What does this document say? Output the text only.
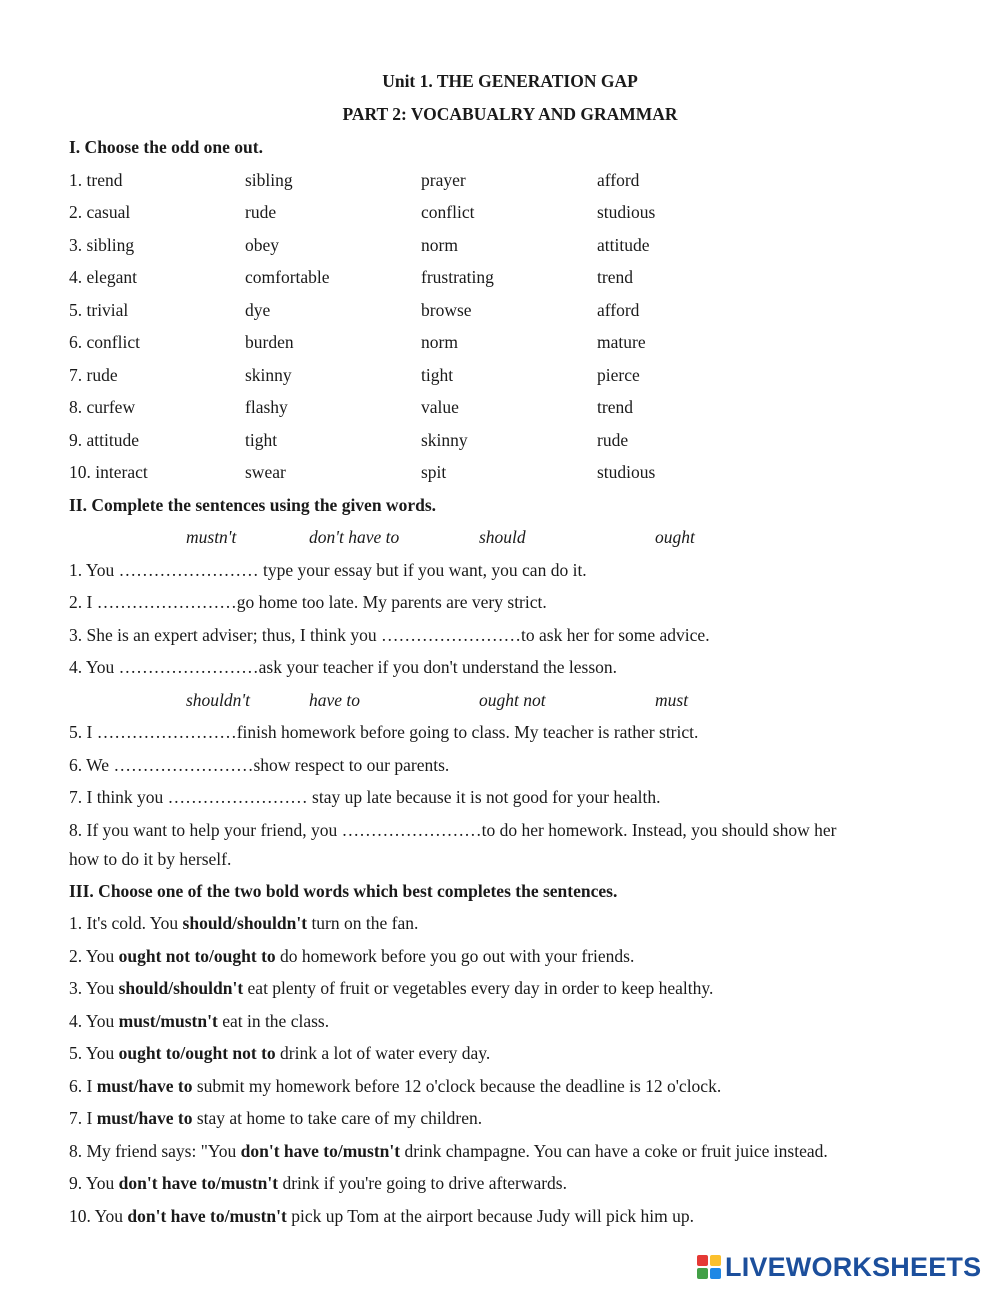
Unit 1. THE GENERATION GAP
PART 2: VOCABUALRY AND GRAMMAR
I. Choose the odd one out.
1. trend	sibling	prayer	afford
2. casual	rude	conflict	studious
3. sibling	obey	norm	attitude
4. elegant	comfortable	frustrating	trend
5. trivial	dye	browse	afford
6. conflict	burden	norm	mature
7. rude	skinny	tight	pierce
8. curfew	flashy	value	trend
9. attitude	tight	skinny	rude
10. interact	swear	spit	studious
II. Complete the sentences using the given words.
mustn't	don't have to	should	ought
1. You …………………… type your essay but if you want, you can do it.
2. I ……………………go home too late. My parents are very strict.
3. She is an expert adviser; thus, I think you ……………………to ask her for some advice.
4. You ……………………ask your teacher if you don't understand the lesson.
shouldn't	have to	ought not	must
5. I ……………………finish homework before going to class. My teacher is rather strict.
6. We ……………………show respect to our parents.
7. I think you …………………… stay up late because it is not good for your health.
8. If you want to help your friend, you ……………………to do her homework. Instead, you should show her
how to do it by herself.
III. Choose one of the two bold words which best completes the sentences.
1. It's cold. You should/shouldn't turn on the fan.
2. You ought not to/ought to do homework before you go out with your friends.
3. You should/shouldn't eat plenty of fruit or vegetables every day in order to keep healthy.
4. You must/mustn't eat in the class.
5. You ought to/ought not to drink a lot of water every day.
6. I must/have to submit my homework before 12 o'clock because the deadline is 12 o'clock.
7. I must/have to stay at home to take care of my children.
8. My friend says: "You don't have to/mustn't drink champagne. You can have a coke or fruit juice instead.
9. You don't have to/mustn't drink if you're going to drive afterwards.
10. You don't have to/mustn't pick up Tom at the airport because Judy will pick him up.
LIVEWORKSHEETS
